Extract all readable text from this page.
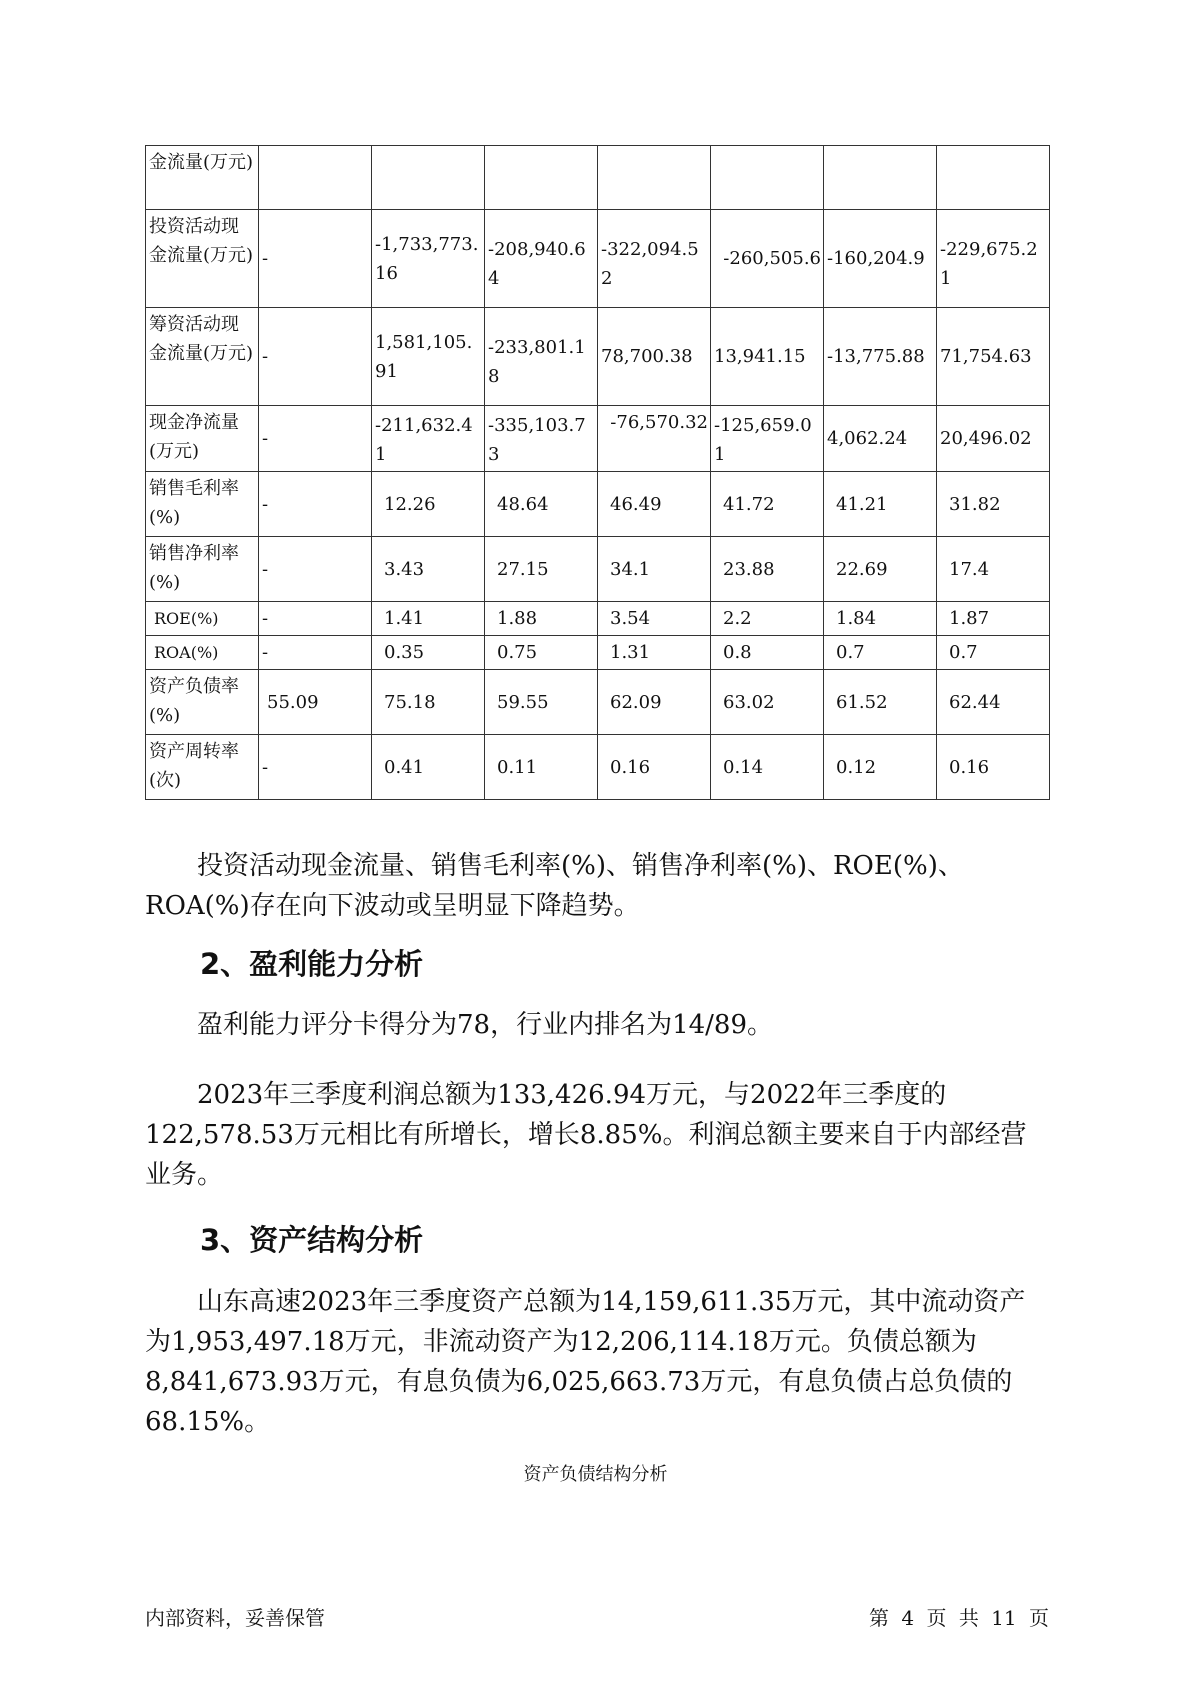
金流量(万元)							
投资活动现金流量(万元)	-	-1,733,773.16	-208,940.64	-322,094.52	-260,505.6	-160,204.9	-229,675.21
筹资活动现金流量(万元)	-	1,581,105.91	-233,801.18	78,700.38	13,941.15	-13,775.88	71,754.63
现金净流量(万元)	-	-211,632.41	-335,103.73	-76,570.32	-125,659.01	4,062.24	20,496.02
销售毛利率(%)	-	12.26	48.64	46.49	41.72	41.21	31.82
销售净利率(%)	-	3.43	27.15	34.1	23.88	22.69	17.4
ROE(%)	-	1.41	1.88	3.54	2.2	1.84	1.87
ROA(%)	-	0.35	0.75	1.31	0.8	0.7	0.7
资产负债率(%)	55.09	75.18	59.55	62.09	63.02	61.52	62.44
资产周转率(次)	-	0.41	0.11	0.16	0.14	0.12	0.16

投资活动现金流量、销售毛利率(%)、销售净利率(%)、ROE(%)、ROA(%)存在向下波动或呈明显下降趋势。

2、盈利能力分析

盈利能力评分卡得分为78，行业内排名为14/89。

2023年三季度利润总额为133,426.94万元，与2022年三季度的122,578.53万元相比有所增长，增长8.85%。利润总额主要来自于内部经营业务。

3、资产结构分析

山东高速2023年三季度资产总额为14,159,611.35万元，其中流动资产为1,953,497.18万元，非流动资产为12,206,114.18万元。负债总额为8,841,673.93万元，有息负债为6,025,663.73万元，有息负债占总负债的68.15%。

资产负债结构分析

内部资料，妥善保管	第 4 页 共 11 页
